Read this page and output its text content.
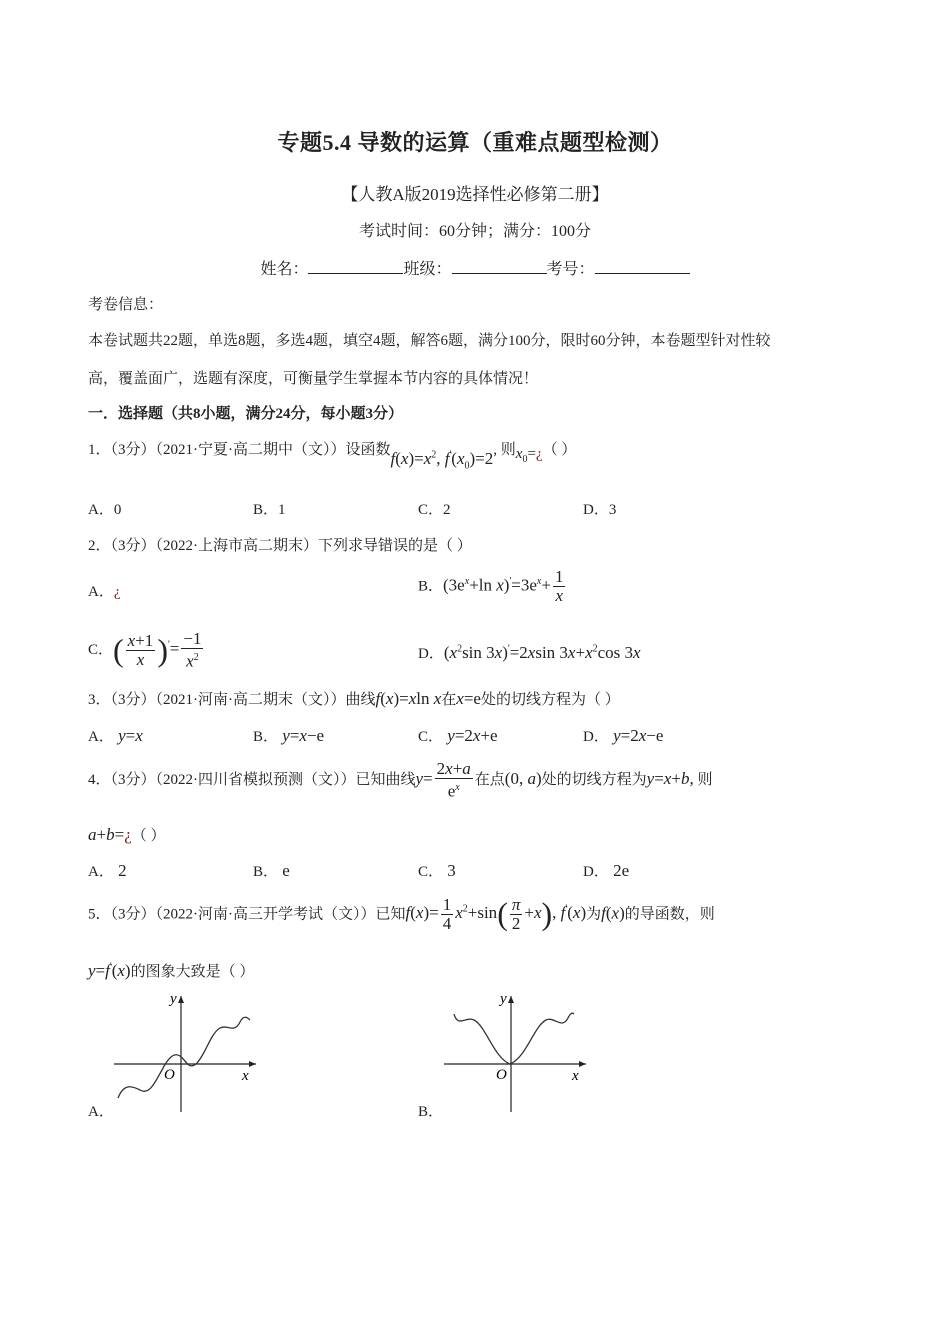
专题5.4 导数的运算（重难点题型检测）
【人教A版2019选择性必修第二册】
考试时间：60分钟；满分：100分
姓名：	班级：	考号：
考卷信息：
本卷试题共22题，单选8题，多选4题，填空4题，解答6题，满分100分，限时60分钟，本卷题型针对性较
高，覆盖面广，选题有深度，可衡量学生掌握本节内容的具体情况！
一．选择题（共8小题，满分24分，每小题3分）
1．（3分）（2021·宁夏·高二期中（文））设函数$f(x)=x^2$, $f'(x_0)=2$, 则$x_0=¿$（ ）
A．0	B．1	C．2	D．3
2．（3分）（2022·上海市高二期末）下列求导错误的是（ ）
A．¿	B．($3e^x+\ln$ $x)'=3e^x+ \frac{1}{x}$
C．( $\frac{x+1}{x} )'= \frac{-1}{x^2}$	D．($x^2\sin$ 3x)'=2xsin $3x+x^2\cos$ 3x
3．（3分）（2021·河南·高二期末（文））曲线f(x)=xln x在x=e处的切线方程为（ ）
A． y=x	B． y=x−e	C． y=2x+e	D． y=2x−e
4．（3分）（2022·四川省模拟预测（文））已知曲线$y= \frac{2x+a}{e^x}$ 在点(0, a)处的切线方程为y=x+b, 则
a+b=¿（ ）
A． 2	B． e	C． 3	D． 2e
5．（3分）（2022·河南·高三开学考试（文））已知$f(x)= \frac{1}{4} x^2+\sin( \frac{\pi}{2} +x)$, f'(x)为f(x)的导函数，则
y=f'(x)的图象大致是（ ）
O	x
y
A．
O	x
y
B．
